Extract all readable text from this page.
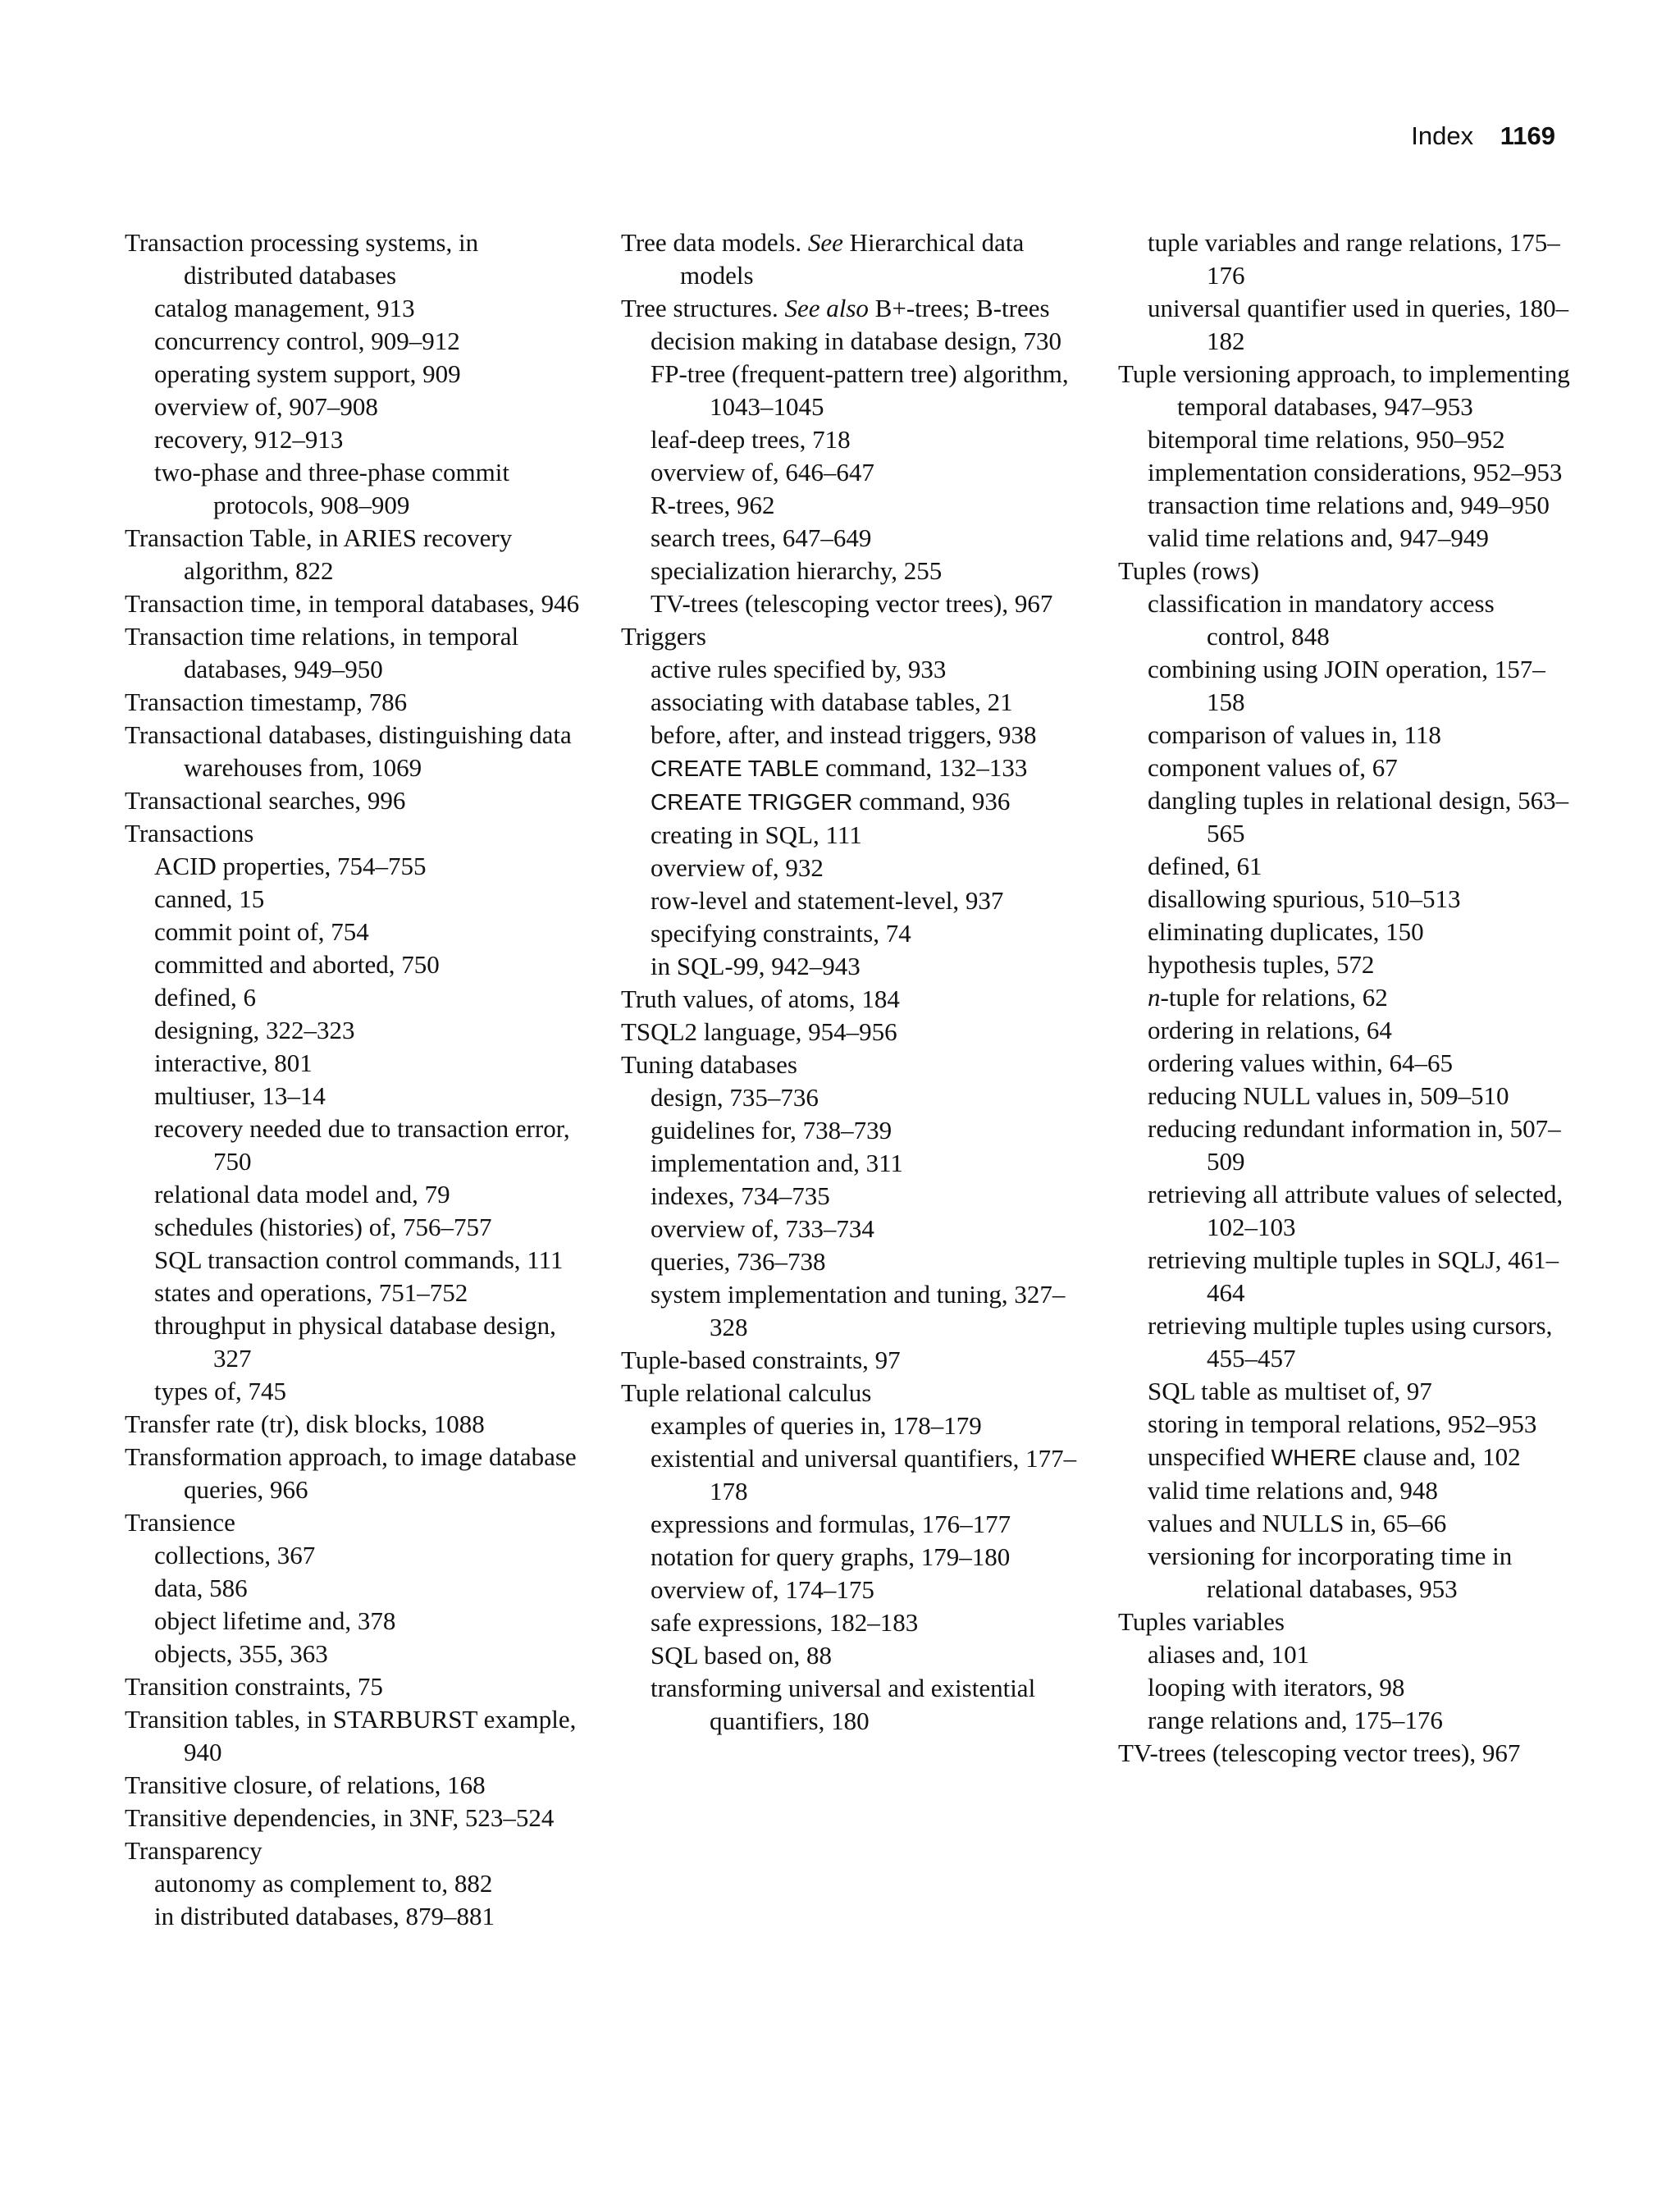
Index 1169

Transaction processing systems, in distributed databases

catalog management, 913

concurrency control, 909–912

operating system support, 909

overview of, 907–908

recovery, 912–913

two-phase and three-phase commit protocols, 908–909

Transaction Table, in ARIES recovery algorithm, 822

Transaction time, in temporal databases, 946

Transaction time relations, in temporal databases, 949–950

Transaction timestamp, 786

Transactional databases, distinguishing data warehouses from, 1069

Transactional searches, 996

Transactions

ACID properties, 754–755

canned, 15

commit point of, 754

committed and aborted, 750

defined, 6

designing, 322–323

interactive, 801

multiuser, 13–14

recovery needed due to transaction error, 750

relational data model and, 79

schedules (histories) of, 756–757

SQL transaction control commands, 111

states and operations, 751–752

throughput in physical database design, 327

types of, 745

Transfer rate (tr), disk blocks, 1088

Transformation approach, to image database queries, 966

Transience

collections, 367

data, 586

object lifetime and, 378

objects, 355, 363

Transition constraints, 75

Transition tables, in STARBURST example, 940

Transitive closure, of relations, 168

Transitive dependencies, in 3NF, 523–524

Transparency

autonomy as complement to, 882

in distributed databases, 879–881

Tree data models. See Hierarchical data models

Tree structures. See also B+-trees; B-trees

decision making in database design, 730

FP-tree (frequent-pattern tree) algorithm, 1043–1045

leaf-deep trees, 718

overview of, 646–647

R-trees, 962

search trees, 647–649

specialization hierarchy, 255

TV-trees (telescoping vector trees), 967

Triggers

active rules specified by, 933

associating with database tables, 21

before, after, and instead triggers, 938

CREATE TABLE command, 132–133

CREATE TRIGGER command, 936

creating in SQL, 111

overview of, 932

row-level and statement-level, 937

specifying constraints, 74

in SQL-99, 942–943

Truth values, of atoms, 184

TSQL2 language, 954–956

Tuning databases

design, 735–736

guidelines for, 738–739

implementation and, 311

indexes, 734–735

overview of, 733–734

queries, 736–738

system implementation and tuning, 327–328

Tuple-based constraints, 97

Tuple relational calculus

examples of queries in, 178–179

existential and universal quantifiers, 177–178

expressions and formulas, 176–177

notation for query graphs, 179–180

overview of, 174–175

safe expressions, 182–183

SQL based on, 88

transforming universal and existential quantifiers, 180

tuple variables and range relations, 175–176

universal quantifier used in queries, 180–182

Tuple versioning approach, to implementing temporal databases, 947–953

bitemporal time relations, 950–952

implementation considerations, 952–953

transaction time relations and, 949–950

valid time relations and, 947–949

Tuples (rows)

classification in mandatory access control, 848

combining using JOIN operation, 157–158

comparison of values in, 118

component values of, 67

dangling tuples in relational design, 563–565

defined, 61

disallowing spurious, 510–513

eliminating duplicates, 150

hypothesis tuples, 572

n-tuple for relations, 62

ordering in relations, 64

ordering values within, 64–65

reducing NULL values in, 509–510

reducing redundant information in, 507–509

retrieving all attribute values of selected, 102–103

retrieving multiple tuples in SQLJ, 461–464

retrieving multiple tuples using cursors, 455–457

SQL table as multiset of, 97

storing in temporal relations, 952–953

unspecified WHERE clause and, 102

valid time relations and, 948

values and NULLS in, 65–66

versioning for incorporating time in relational databases, 953

Tuples variables

aliases and, 101

looping with iterators, 98

range relations and, 175–176

TV-trees (telescoping vector trees), 967
